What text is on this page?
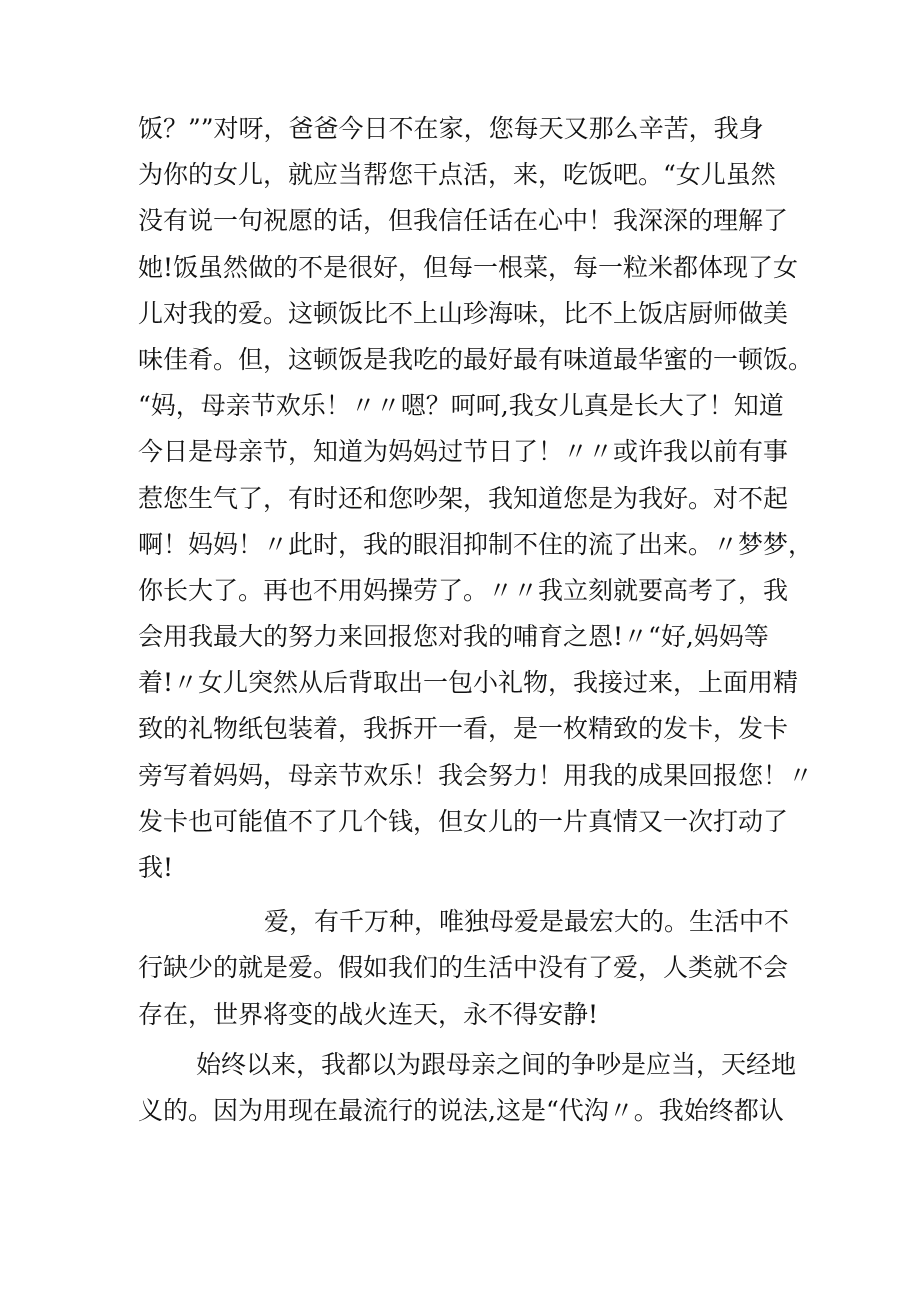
饭？””对呀，爸爸今日不在家，您每天又那么辛苦，我身
为你的女儿，就应当帮您干点活，来，吃饭吧。“女儿虽然
没有说一句祝愿的话，但我信任话在心中！我深深的理解了
她!饭虽然做的不是很好，但每一根菜，每一粒米都体现了女
儿对我的爱。这顿饭比不上山珍海味，比不上饭店厨师做美
味佳肴。但，这顿饭是我吃的最好最有味道最华蜜的一顿饭。
“妈，母亲节欢乐！〃〃嗯？呵呵,我女儿真是长大了！知道
今日是母亲节，知道为妈妈过节日了！〃〃或许我以前有事
惹您生气了，有时还和您吵架，我知道您是为我好。对不起
啊！妈妈！〃此时，我的眼泪抑制不住的流了出来。〃梦梦，
你长大了。再也不用妈操劳了。〃〃我立刻就要高考了，我
会用我最大的努力来回报您对我的哺育之恩!〃“好,妈妈等
着!〃女儿突然从后背取出一包小礼物，我接过来，上面用精
致的礼物纸包装着，我拆开一看，是一枚精致的发卡，发卡
旁写着妈妈，母亲节欢乐！我会努力！用我的成果回报您！〃
发卡也可能值不了几个钱，但女儿的一片真情又一次打动了
我!
爱，有千万种，唯独母爱是最宏大的。生活中不
行缺少的就是爱。假如我们的生活中没有了爱，人类就不会
存在，世界将变的战火连天，永不得安静!
始终以来，我都以为跟母亲之间的争吵是应当，天经地
义的。因为用现在最流行的说法,这是“代沟〃。我始终都认
